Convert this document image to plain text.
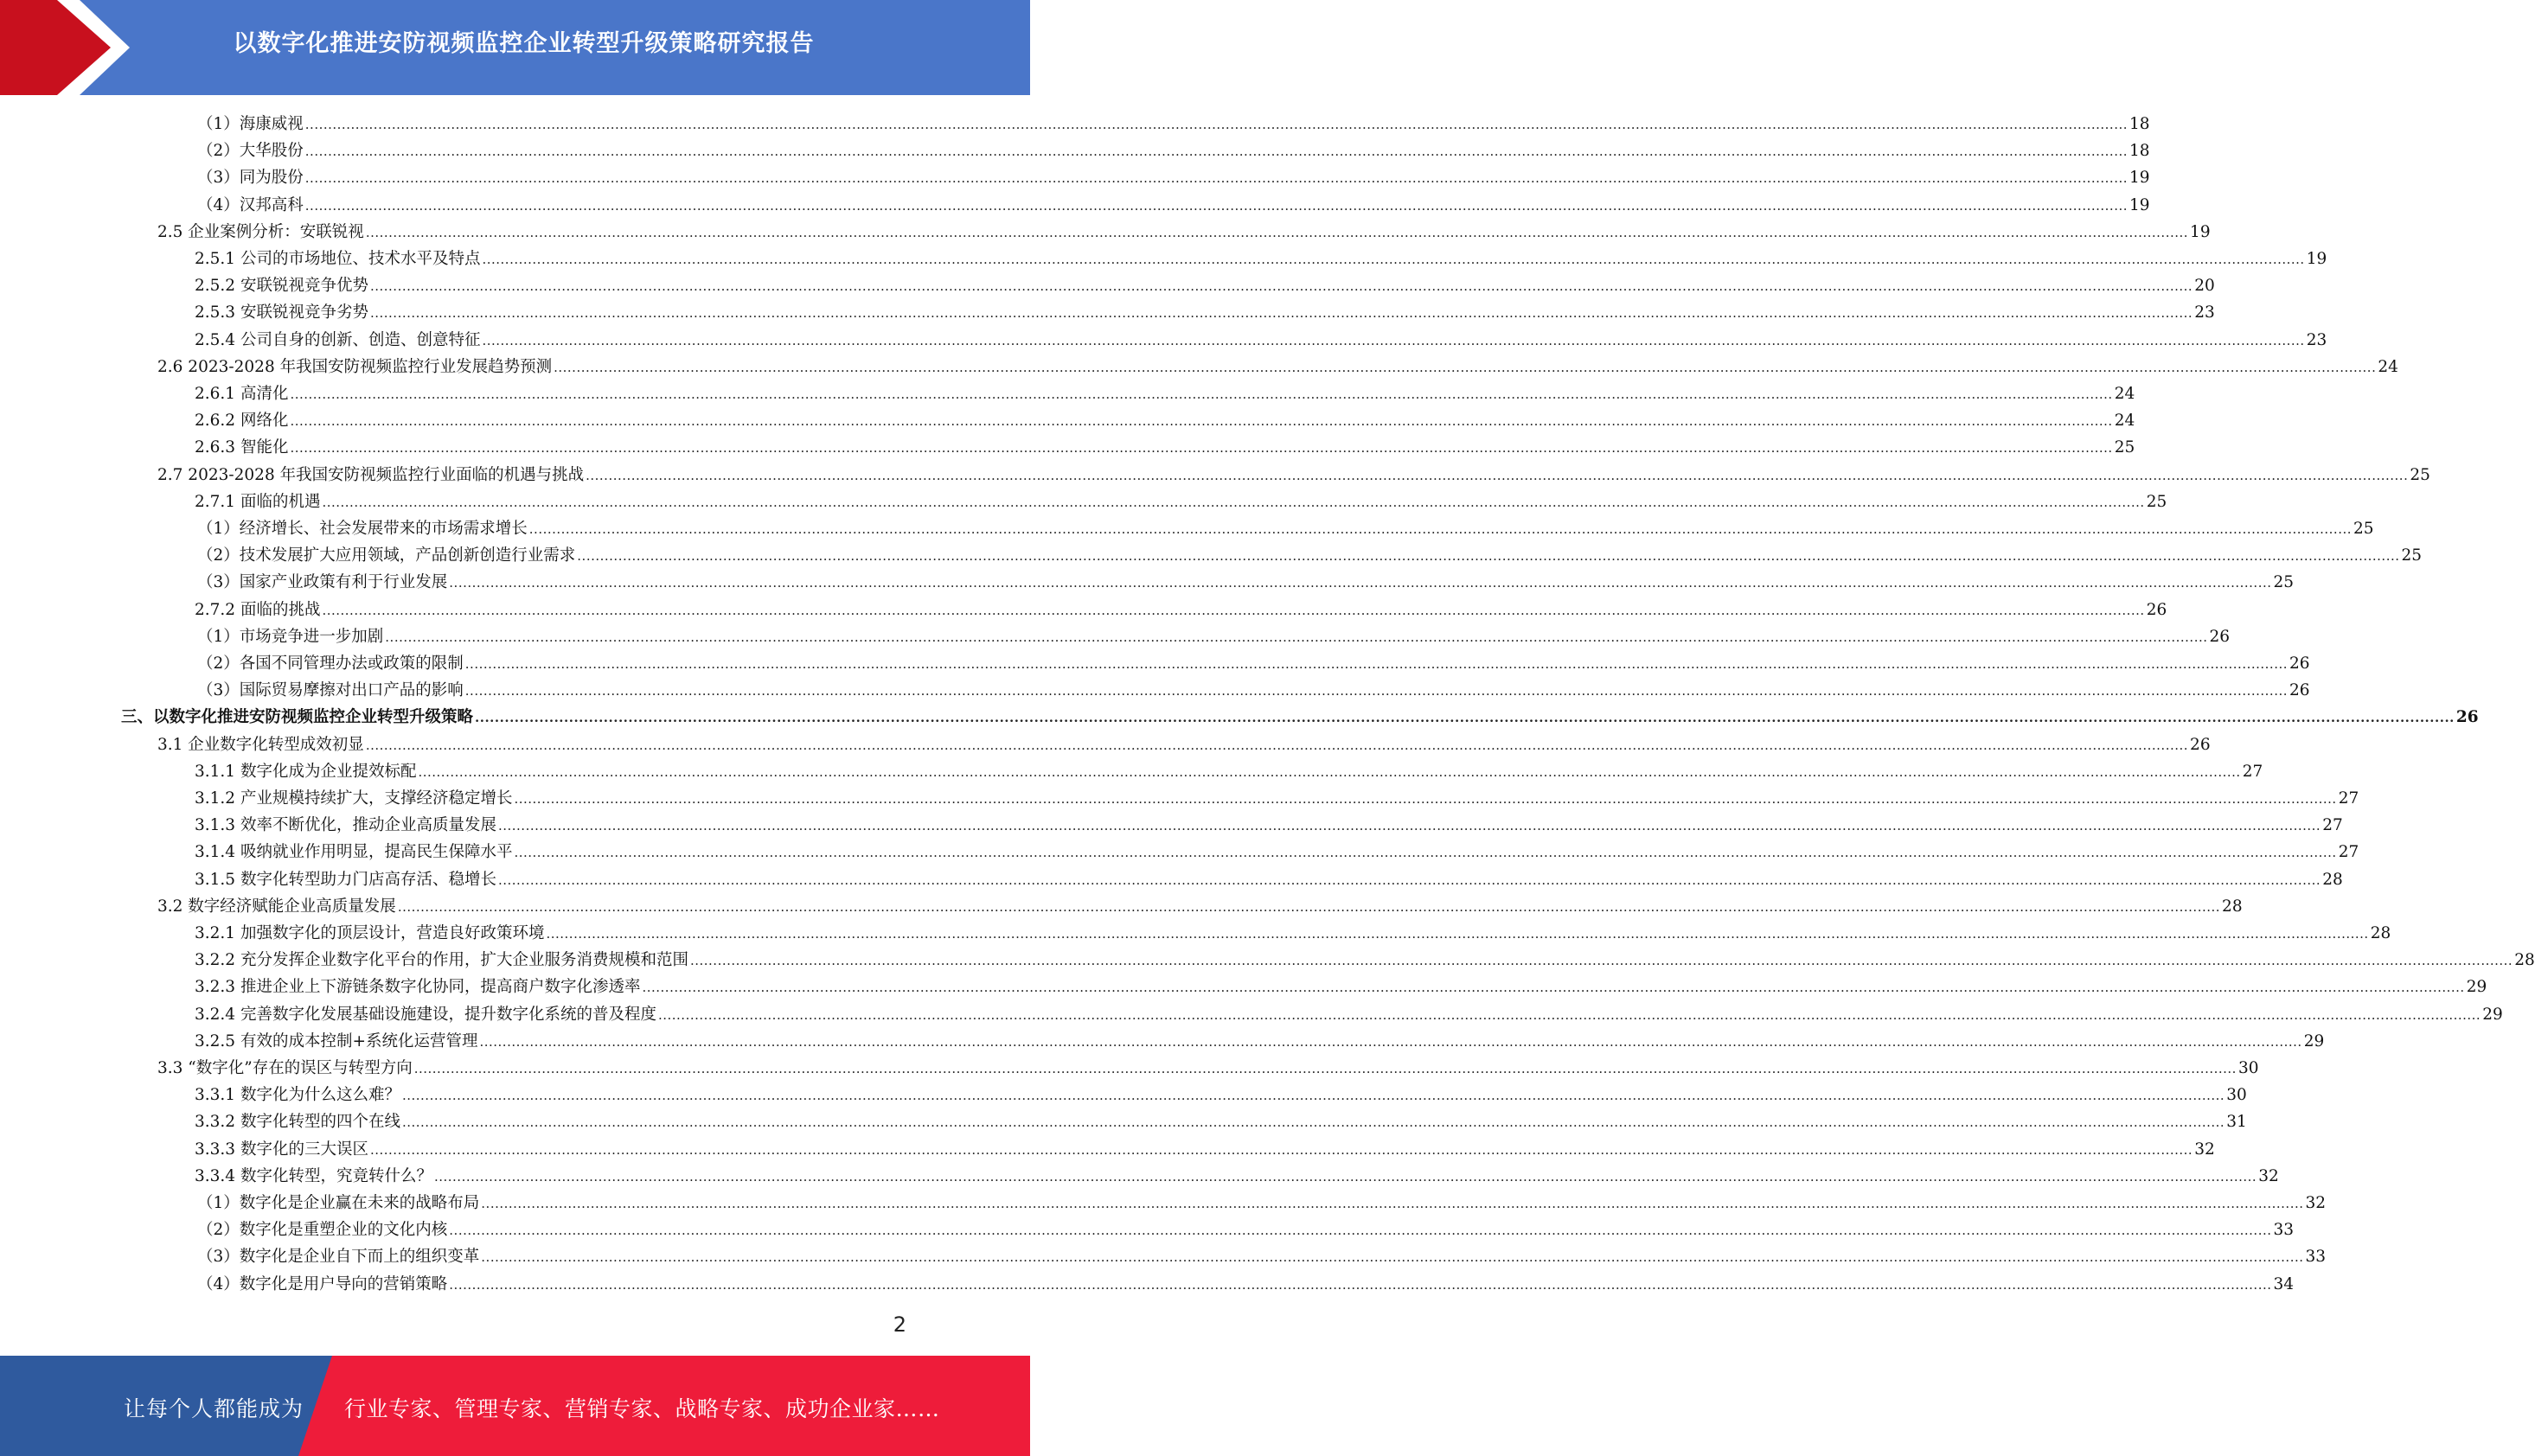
以数字化推进安防视频监控企业转型升级策略研究报告
（1）海康威视 ................................................................................................................................................................................................................................................................................................................................................................................................................ 18
（2）大华股份 ................................................................................................................................................................................................................................................................................................................................................................................................................ 18
（3）同为股份 ................................................................................................................................................................................................................................................................................................................................................................................................................ 19
（4）汉邦高科 ................................................................................................................................................................................................................................................................................................................................................................................................................ 19
2.5 企业案例分析：安联锐视 ................................................................................................................................................................................................................................................................................................................................................................................................................ 19
2.5.1 公司的市场地位、技术水平及特点 ................................................................................................................................................................................................................................................................................................................................................................................................................ 19
2.5.2 安联锐视竞争优势 ................................................................................................................................................................................................................................................................................................................................................................................................................ 20
2.5.3 安联锐视竞争劣势 ................................................................................................................................................................................................................................................................................................................................................................................................................ 23
2.5.4 公司自身的创新、创造、创意特征 ................................................................................................................................................................................................................................................................................................................................................................................................................ 23
2.6 2023-2028 年我国安防视频监控行业发展趋势预测 ................................................................................................................................................................................................................................................................................................................................................................................................................ 24
2.6.1 高清化 ................................................................................................................................................................................................................................................................................................................................................................................................................ 24
2.6.2 网络化 ................................................................................................................................................................................................................................................................................................................................................................................................................ 24
2.6.3 智能化 ................................................................................................................................................................................................................................................................................................................................................................................................................ 25
2.7 2023-2028 年我国安防视频监控行业面临的机遇与挑战 ................................................................................................................................................................................................................................................................................................................................................................................................................ 25
2.7.1 面临的机遇 ................................................................................................................................................................................................................................................................................................................................................................................................................ 25
（1）经济增长、社会发展带来的市场需求增长 ................................................................................................................................................................................................................................................................................................................................................................................................................ 25
（2）技术发展扩大应用领域，产品创新创造行业需求 ................................................................................................................................................................................................................................................................................................................................................................................................................ 25
（3）国家产业政策有利于行业发展 ................................................................................................................................................................................................................................................................................................................................................................................................................ 25
2.7.2 面临的挑战 ................................................................................................................................................................................................................................................................................................................................................................................................................ 26
（1）市场竞争进一步加剧 ................................................................................................................................................................................................................................................................................................................................................................................................................ 26
（2）各国不同管理办法或政策的限制 ................................................................................................................................................................................................................................................................................................................................................................................................................ 26
（3）国际贸易摩擦对出口产品的影响 ................................................................................................................................................................................................................................................................................................................................................................................................................ 26
三、以数字化推进安防视频监控企业转型升级策略 ................................................................................................................................................................................................................................................................................................................................................................................................................ 26
3.1 企业数字化转型成效初显 ................................................................................................................................................................................................................................................................................................................................................................................................................ 26
3.1.1 数字化成为企业提效标配 ................................................................................................................................................................................................................................................................................................................................................................................................................ 27
3.1.2 产业规模持续扩大，支撑经济稳定增长 ................................................................................................................................................................................................................................................................................................................................................................................................................ 27
3.1.3 效率不断优化，推动企业高质量发展 ................................................................................................................................................................................................................................................................................................................................................................................................................ 27
3.1.4 吸纳就业作用明显，提高民生保障水平 ................................................................................................................................................................................................................................................................................................................................................................................................................ 27
3.1.5 数字化转型助力门店高存活、稳增长 ................................................................................................................................................................................................................................................................................................................................................................................................................ 28
3.2 数字经济赋能企业高质量发展 ................................................................................................................................................................................................................................................................................................................................................................................................................ 28
3.2.1 加强数字化的顶层设计，营造良好政策环境 ................................................................................................................................................................................................................................................................................................................................................................................................................ 28
3.2.2 充分发挥企业数字化平台的作用，扩大企业服务消费规模和范围 ................................................................................................................................................................................................................................................................................................................................................................................................................ 28
3.2.3 推进企业上下游链条数字化协同，提高商户数字化渗透率 ................................................................................................................................................................................................................................................................................................................................................................................................................ 29
3.2.4 完善数字化发展基础设施建设，提升数字化系统的普及程度 ................................................................................................................................................................................................................................................................................................................................................................................................................ 29
3.2.5 有效的成本控制+系统化运营管理 ................................................................................................................................................................................................................................................................................................................................................................................................................ 29
3.3 “数字化”存在的误区与转型方向 ................................................................................................................................................................................................................................................................................................................................................................................................................ 30
3.3.1 数字化为什么这么难？ ................................................................................................................................................................................................................................................................................................................................................................................................................ 30
3.3.2 数字化转型的四个在线 ................................................................................................................................................................................................................................................................................................................................................................................................................ 31
3.3.3 数字化的三大误区 ................................................................................................................................................................................................................................................................................................................................................................................................................ 32
3.3.4 数字化转型，究竟转什么？ ................................................................................................................................................................................................................................................................................................................................................................................................................ 32
（1）数字化是企业赢在未来的战略布局 ................................................................................................................................................................................................................................................................................................................................................................................................................ 32
（2）数字化是重塑企业的文化内核 ................................................................................................................................................................................................................................................................................................................................................................................................................ 33
（3）数字化是企业自下而上的组织变革 ................................................................................................................................................................................................................................................................................................................................................................................................................ 33
（4）数字化是用户导向的营销策略 ................................................................................................................................................................................................................................................................................................................................................................................................................ 34
2
让每个人都能成为 行业专家、管理专家、营销专家、战略专家、成功企业家……
